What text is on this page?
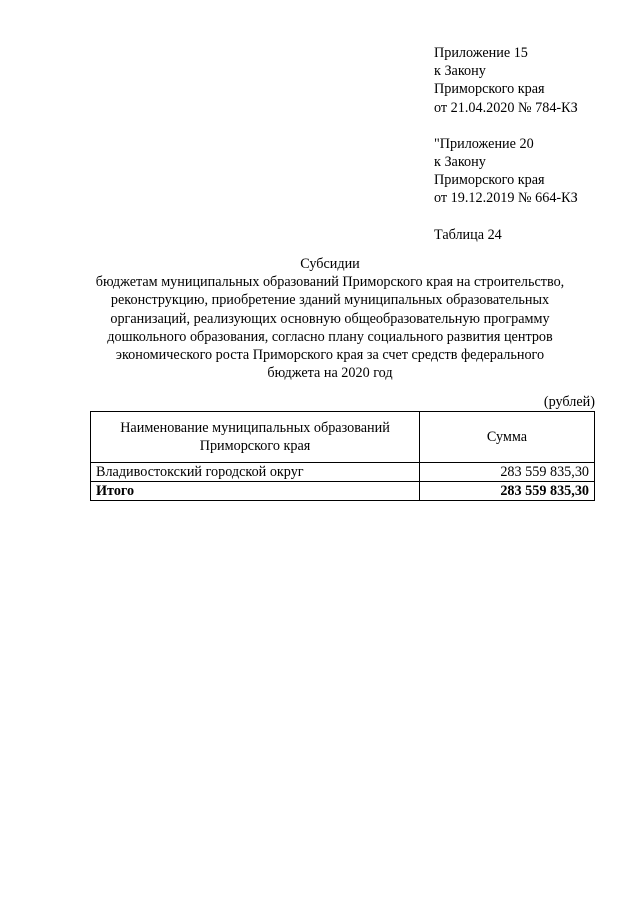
Приложение 15
к Закону
Приморского края
от 21.04.2020 № 784-КЗ
"Приложение 20
к Закону
Приморского края
от 19.12.2019 № 664-КЗ
Таблица 24
Субсидии
бюджетам муниципальных образований Приморского края на строительство,
реконструкцию, приобретение зданий муниципальных образовательных
организаций, реализующих основную общеобразовательную программу
дошкольного образования, согласно плану социального развития центров
экономического роста Приморского края за счет средств федерального
бюджета на 2020 год
(рублей)
Наименование муниципальных образований
Приморского края	Сумма
Владивостокский городской округ	283 559 835,30
Итого	283 559 835,30
